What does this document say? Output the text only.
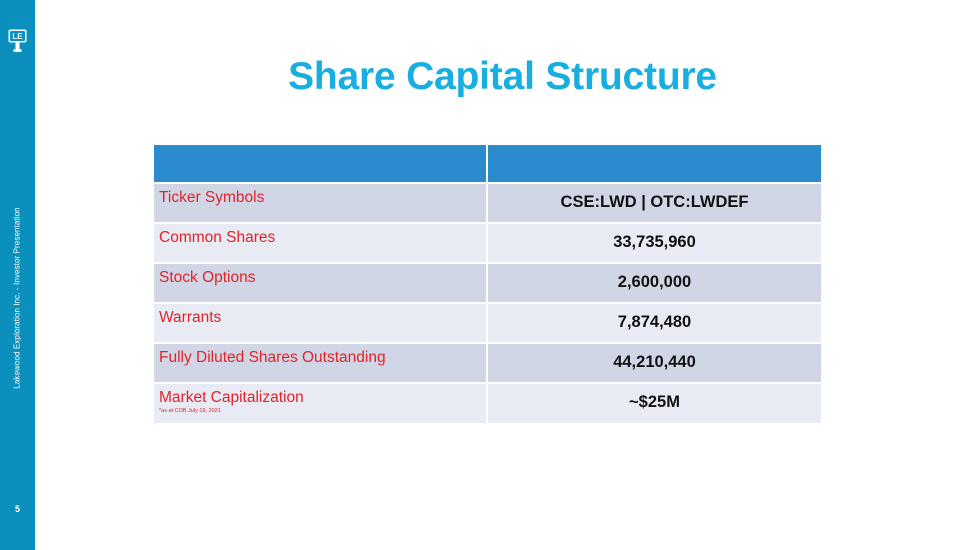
LE
Lakewood Exploration Inc. - Investor Presentation
5
Share Capital Structure

Ticker Symbols	CSE:LWD | OTC:LWDEF

Common Shares	33,735,960

Stock Options	2,600,000

Warrants	7,874,480

Fully Diluted Shares Outstanding	44,210,440

Market Capitalization
*as at COB July 19, 2021	~$25M
